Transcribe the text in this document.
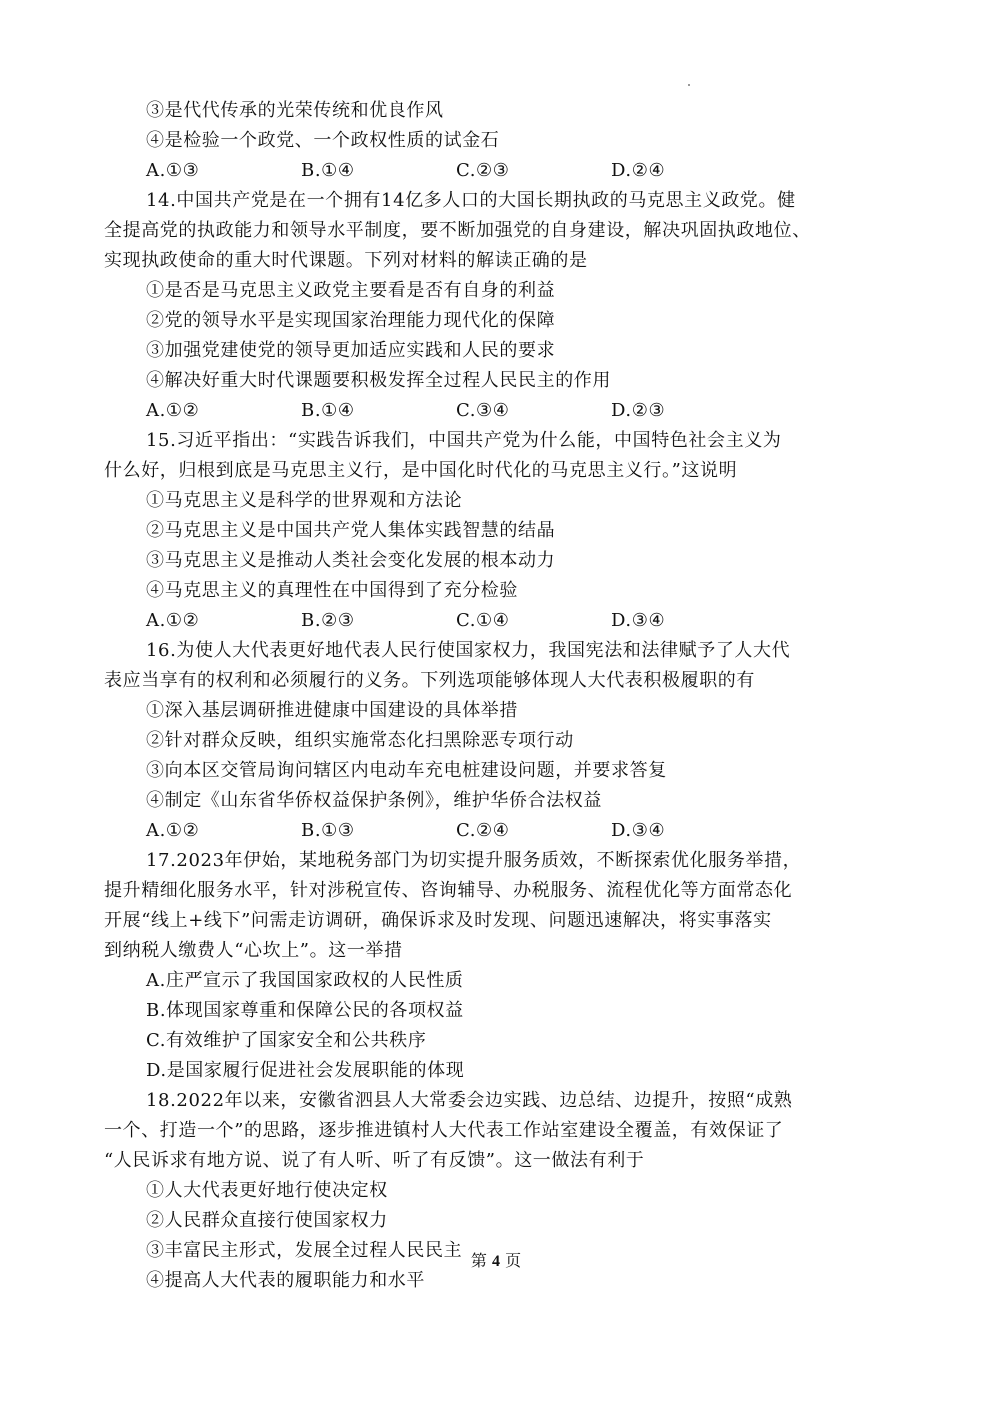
③是代代传承的光荣传统和优良作风
④是检验一个政党、一个政权性质的试金石
A.①③	B.①④	C.②③	D.②④
14.中国共产党是在一个拥有14亿多人口的大国长期执政的马克思主义政党。健
全提高党的执政能力和领导水平制度，要不断加强党的自身建设，解决巩固执政地位、
实现执政使命的重大时代课题。下列对材料的解读正确的是
①是否是马克思主义政党主要看是否有自身的利益
②党的领导水平是实现国家治理能力现代化的保障
③加强党建使党的领导更加适应实践和人民的要求
④解决好重大时代课题要积极发挥全过程人民民主的作用
A.①②	B.①④	C.③④	D.②③
15.习近平指出：“实践告诉我们，中国共产党为什么能，中国特色社会主义为
什么好，归根到底是马克思主义行，是中国化时代化的马克思主义行。”这说明
①马克思主义是科学的世界观和方法论
②马克思主义是中国共产党人集体实践智慧的结晶
③马克思主义是推动人类社会变化发展的根本动力
④马克思主义的真理性在中国得到了充分检验
A.①②	B.②③	C.①④	D.③④
16.为使人大代表更好地代表人民行使国家权力，我国宪法和法律赋予了人大代
表应当享有的权利和必须履行的义务。下列选项能够体现人大代表积极履职的有
①深入基层调研推进健康中国建设的具体举措
②针对群众反映，组织实施常态化扫黑除恶专项行动
③向本区交管局询问辖区内电动车充电桩建设问题，并要求答复
④制定《山东省华侨权益保护条例》，维护华侨合法权益
A.①②	B.①③	C.②④	D.③④
17.2023年伊始，某地税务部门为切实提升服务质效，不断探索优化服务举措，
提升精细化服务水平，针对涉税宣传、咨询辅导、办税服务、流程优化等方面常态化
开展“线上+线下”问需走访调研，确保诉求及时发现、问题迅速解决，将实事落实
到纳税人缴费人“心坎上”。这一举措
A.庄严宣示了我国国家政权的人民性质
B.体现国家尊重和保障公民的各项权益
C.有效维护了国家安全和公共秩序
D.是国家履行促进社会发展职能的体现
18.2022年以来，安徽省泗县人大常委会边实践、边总结、边提升，按照“成熟
一个、打造一个”的思路，逐步推进镇村人大代表工作站室建设全覆盖，有效保证了
“人民诉求有地方说、说了有人听、听了有反馈”。这一做法有利于
①人大代表更好地行使决定权
②人民群众直接行使国家权力
③丰富民主形式，发展全过程人民民主
④提高人大代表的履职能力和水平
第 4 页
